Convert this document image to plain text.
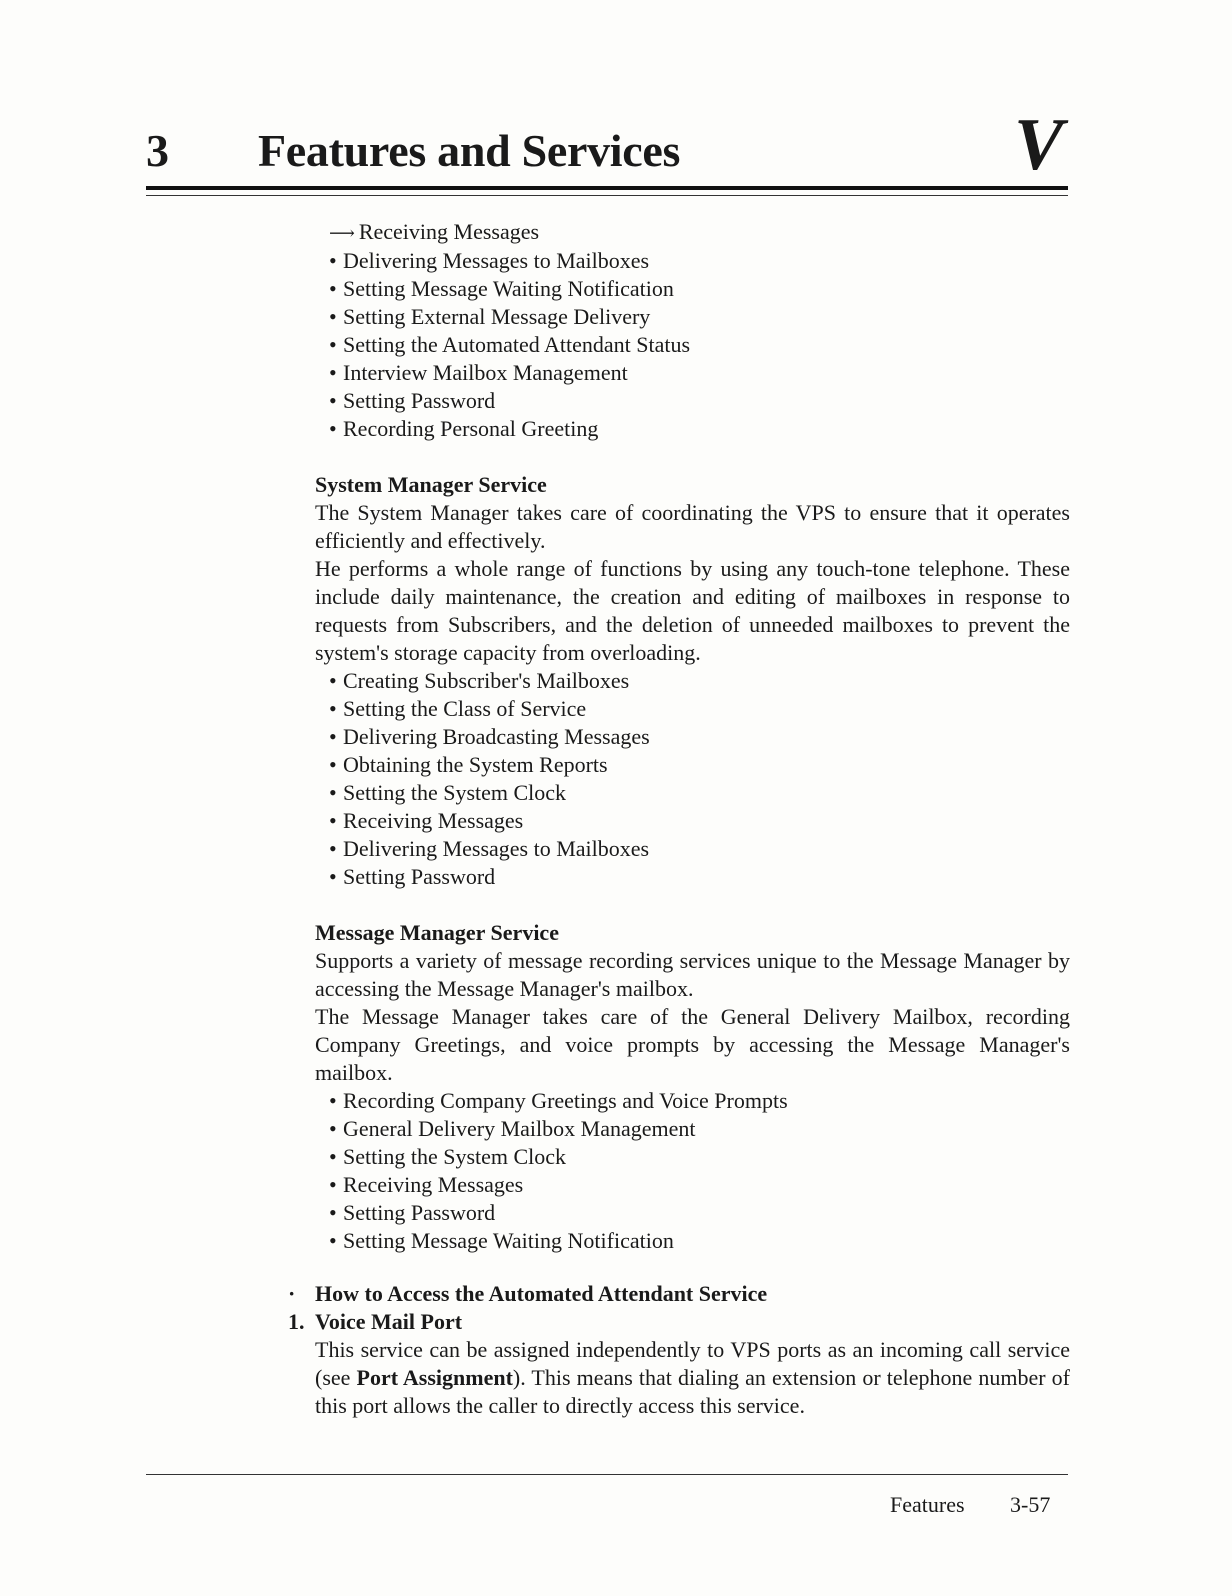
3 Features and Services	V
⟶ Receiving Messages
• Delivering Messages to Mailboxes
• Setting Message Waiting Notification
• Setting External Message Delivery
• Setting the Automated Attendant Status
• Interview Mailbox Management
• Setting Password
• Recording Personal Greeting
System Manager Service
The System Manager takes care of coordinating the VPS to ensure that it operates efficiently and effectively.
He performs a whole range of functions by using any touch-tone telephone. These include daily maintenance, the creation and editing of mailboxes in response to requests from Subscribers, and the deletion of unneeded mailboxes to prevent the system's storage capacity from overloading.
• Creating Subscriber's Mailboxes
• Setting the Class of Service
• Delivering Broadcasting Messages
• Obtaining the System Reports
• Setting the System Clock
• Receiving Messages
• Delivering Messages to Mailboxes
• Setting Password
Message Manager Service
Supports a variety of message recording services unique to the Message Manager by accessing the Message Manager's mailbox.
The Message Manager takes care of the General Delivery Mailbox, recording Company Greetings, and voice prompts by accessing the Message Manager's mailbox.
• Recording Company Greetings and Voice Prompts
• General Delivery Mailbox Management
• Setting the System Clock
• Receiving Messages
• Setting Password
• Setting Message Waiting Notification
· How to Access the Automated Attendant Service
1. Voice Mail Port
This service can be assigned independently to VPS ports as an incoming call service (see Port Assignment). This means that dialing an extension or telephone number of this port allows the caller to directly access this service.
Features 3-57
